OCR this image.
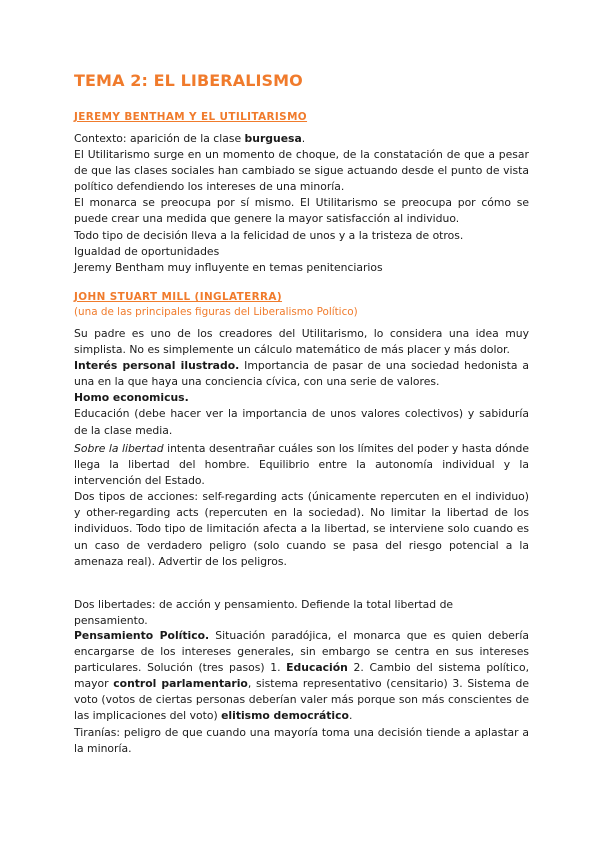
TEMA 2: EL LIBERALISMO
JEREMY BENTHAM Y EL UTILITARISMO

Contexto: aparición de la clase burguesa.

El Utilitarismo surge en un momento de choque, de la constatación de que a pesar de que las clases sociales han cambiado se sigue actuando desde el punto de vista político defendiendo los intereses de una minoría.

El monarca se preocupa por sí mismo. El Utilitarismo se preocupa por cómo se puede crear una medida que genere la mayor satisfacción al individuo.

Todo tipo de decisión lleva a la felicidad de unos y a la tristeza de otros.

Igualdad de oportunidades

Jeremy Bentham muy influyente en temas penitenciarios

JOHN STUART MILL (INGLATERRA)

(una de las principales figuras del Liberalismo Político)

Su padre es uno de los creadores del Utilitarismo, lo considera una idea muy simplista. No es simplemente un cálculo matemático de más placer y más dolor.

Interés personal ilustrado. Importancia de pasar de una sociedad hedonista a una en la que haya una conciencia cívica, con una serie de valores.

Homo economicus.

Educación (debe hacer ver la importancia de unos valores colectivos) y sabiduría de la clase media.

Sobre la libertad intenta desentrañar cuáles son los límites del poder y hasta dónde llega la libertad del hombre. Equilibrio entre la autonomía individual y la intervención del Estado.

Dos tipos de acciones: self-regarding acts (únicamente repercuten en el individuo) y other-regarding acts (repercuten en la sociedad). No limitar la libertad de los individuos. Todo tipo de limitación afecta a la libertad, se interviene solo cuando es un caso de verdadero peligro (solo cuando se pasa del riesgo potencial a la amenaza real). Advertir de los peligros.

Dos libertades: de acción y pensamiento. Defiende la total libertad de pensamiento.

Pensamiento Político. Situación paradójica, el monarca que es quien debería encargarse de los intereses generales, sin embargo se centra en sus intereses particulares. Solución (tres pasos) 1. Educación 2. Cambio del sistema político, mayor control parlamentario, sistema representativo (censitario) 3. Sistema de voto (votos de ciertas personas deberían valer más porque son más conscientes de las implicaciones del voto) elitismo democrático.

Tiranías: peligro de que cuando una mayoría toma una decisión tiende a aplastar a la minoría.
